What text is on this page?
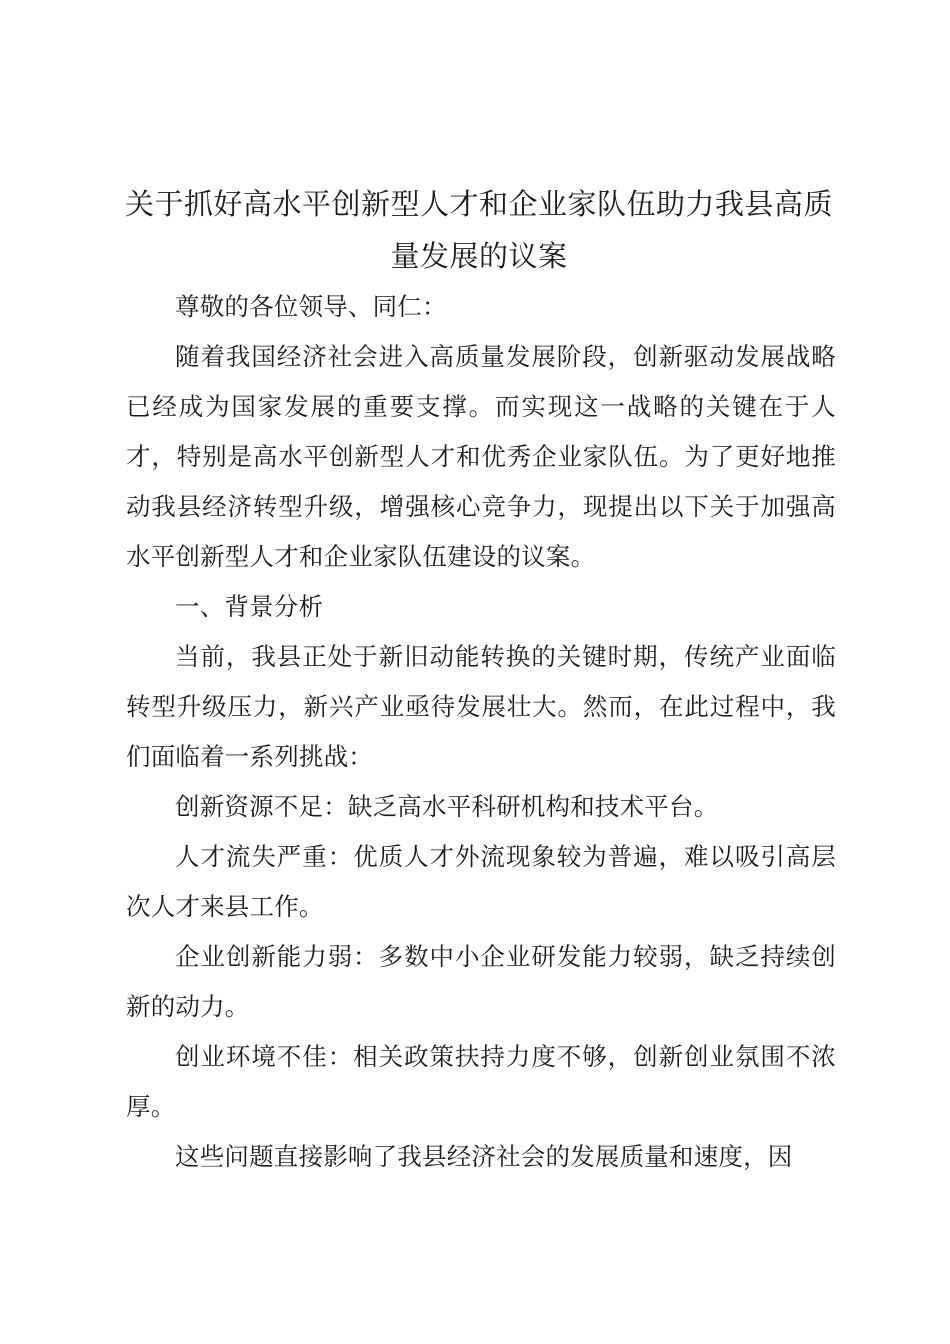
关于抓好高水平创新型人才和企业家队伍助力我县高质量发展的议案

尊敬的各位领导、同仁：

随着我国经济社会进入高质量发展阶段，创新驱动发展战略已经成为国家发展的重要支撑。而实现这一战略的关键在于人才，特别是高水平创新型人才和优秀企业家队伍。为了更好地推动我县经济转型升级，增强核心竞争力，现提出以下关于加强高水平创新型人才和企业家队伍建设的议案。

一、背景分析

当前，我县正处于新旧动能转换的关键时期，传统产业面临转型升级压力，新兴产业亟待发展壮大。然而，在此过程中，我们面临着一系列挑战：

创新资源不足：缺乏高水平科研机构和技术平台。

人才流失严重：优质人才外流现象较为普遍，难以吸引高层次人才来县工作。

企业创新能力弱：多数中小企业研发能力较弱，缺乏持续创新的动力。

创业环境不佳：相关政策扶持力度不够，创新创业氛围不浓厚。

这些问题直接影响了我县经济社会的发展质量和速度，因
